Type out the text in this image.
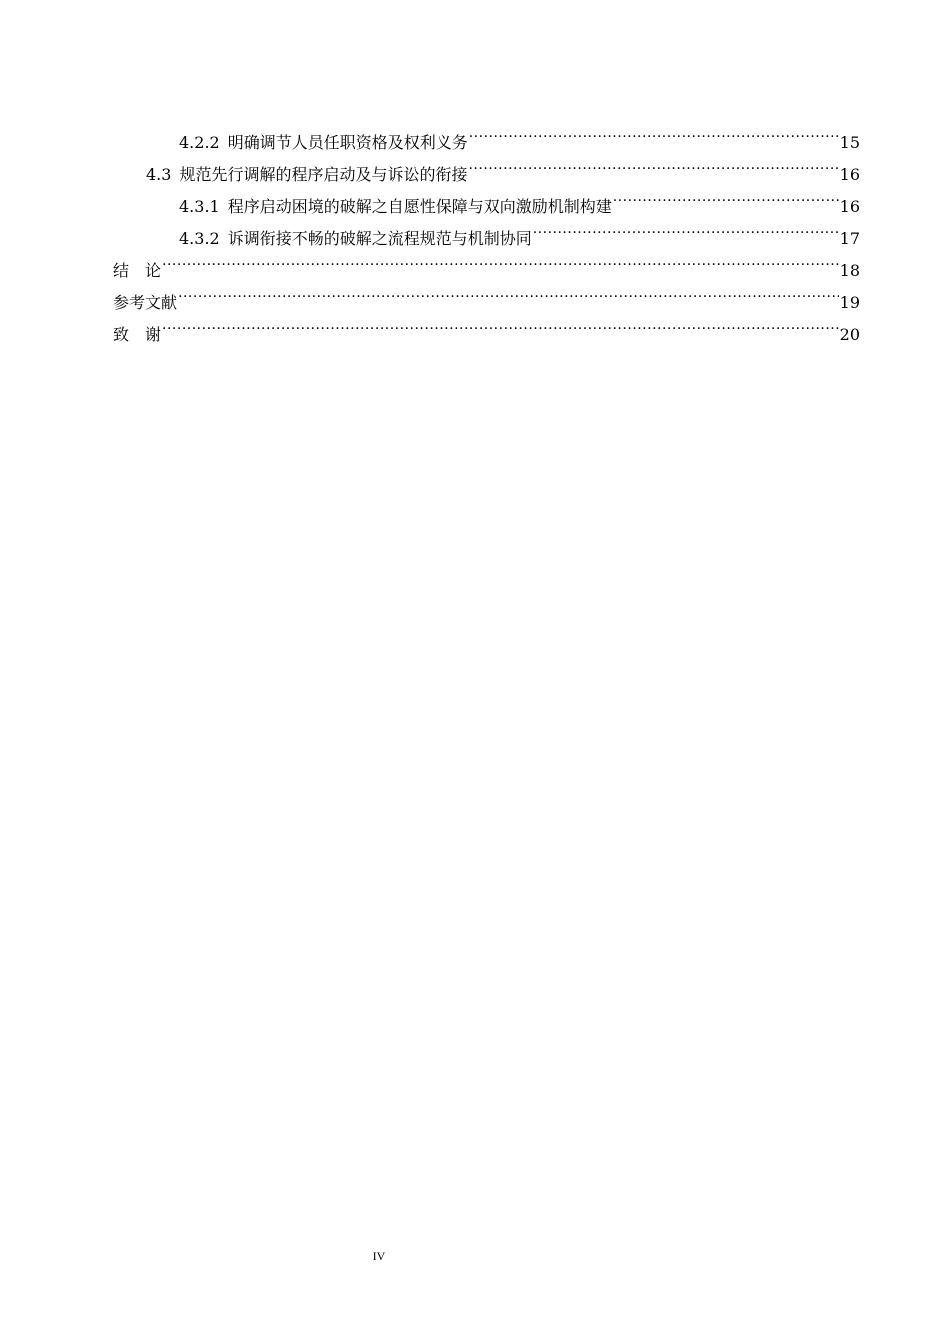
4.2.2 明确调节人员任职资格及权利义务 .....	15
4.3 规范先行调解的程序启动及与诉讼的衔接 .....	16
4.3.1 程序启动困境的破解之自愿性保障与双向激励机制构建 .....	16
4.3.2 诉调衔接不畅的破解之流程规范与机制协同 .....	17
结　论 .....	18
参考文献 .....	19
致　谢 .....	20
IV
